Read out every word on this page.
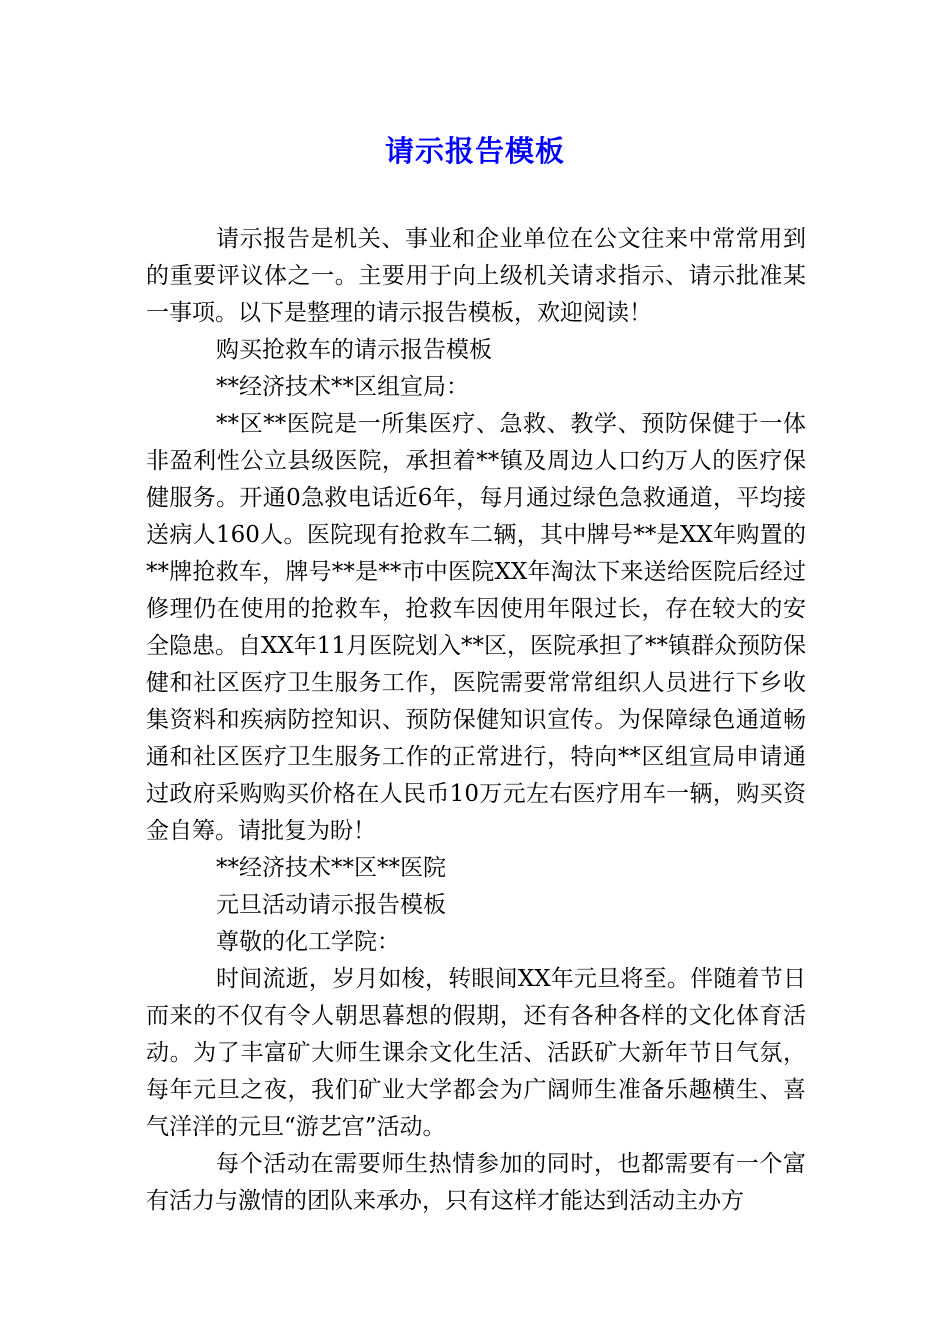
请示报告模板

请示报告是机关、事业和企业单位在公文往来中常常用到的重要评议体之一。主要用于向上级机关请求指示、请示批准某一事项。以下是整理的请示报告模板，欢迎阅读！

购买抢救车的请示报告模板

**经济技术**区组宣局：

**区**医院是一所集医疗、急救、教学、预防保健于一体非盈利性公立县级医院，承担着**镇及周边人口约万人的医疗保健服务。开通0急救电话近6年，每月通过绿色急救通道，平均接送病人160人。医院现有抢救车二辆，其中牌号**是XX年购置的**牌抢救车，牌号**是**市中医院XX年淘汰下来送给医院后经过修理仍在使用的抢救车，抢救车因使用年限过长，存在较大的安全隐患。自XX年11月医院划入**区，医院承担了**镇群众预防保健和社区医疗卫生服务工作，医院需要常常组织人员进行下乡收集资料和疾病防控知识、预防保健知识宣传。为保障绿色通道畅通和社区医疗卫生服务工作的正常进行，特向**区组宣局申请通过政府采购购买价格在人民币10万元左右医疗用车一辆，购买资金自筹。请批复为盼！

**经济技术**区**医院

元旦活动请示报告模板

尊敬的化工学院：

时间流逝，岁月如梭，转眼间XX年元旦将至。伴随着节日而来的不仅有令人朝思暮想的假期，还有各种各样的文化体育活动。为了丰富矿大师生课余文化生活、活跃矿大新年节日气氛，每年元旦之夜，我们矿业大学都会为广阔师生准备乐趣横生、喜气洋洋的元旦“游艺宫”活动。

每个活动在需要师生热情参加的同时，也都需要有一个富有活力与激情的团队来承办，只有这样才能达到活动主办方
